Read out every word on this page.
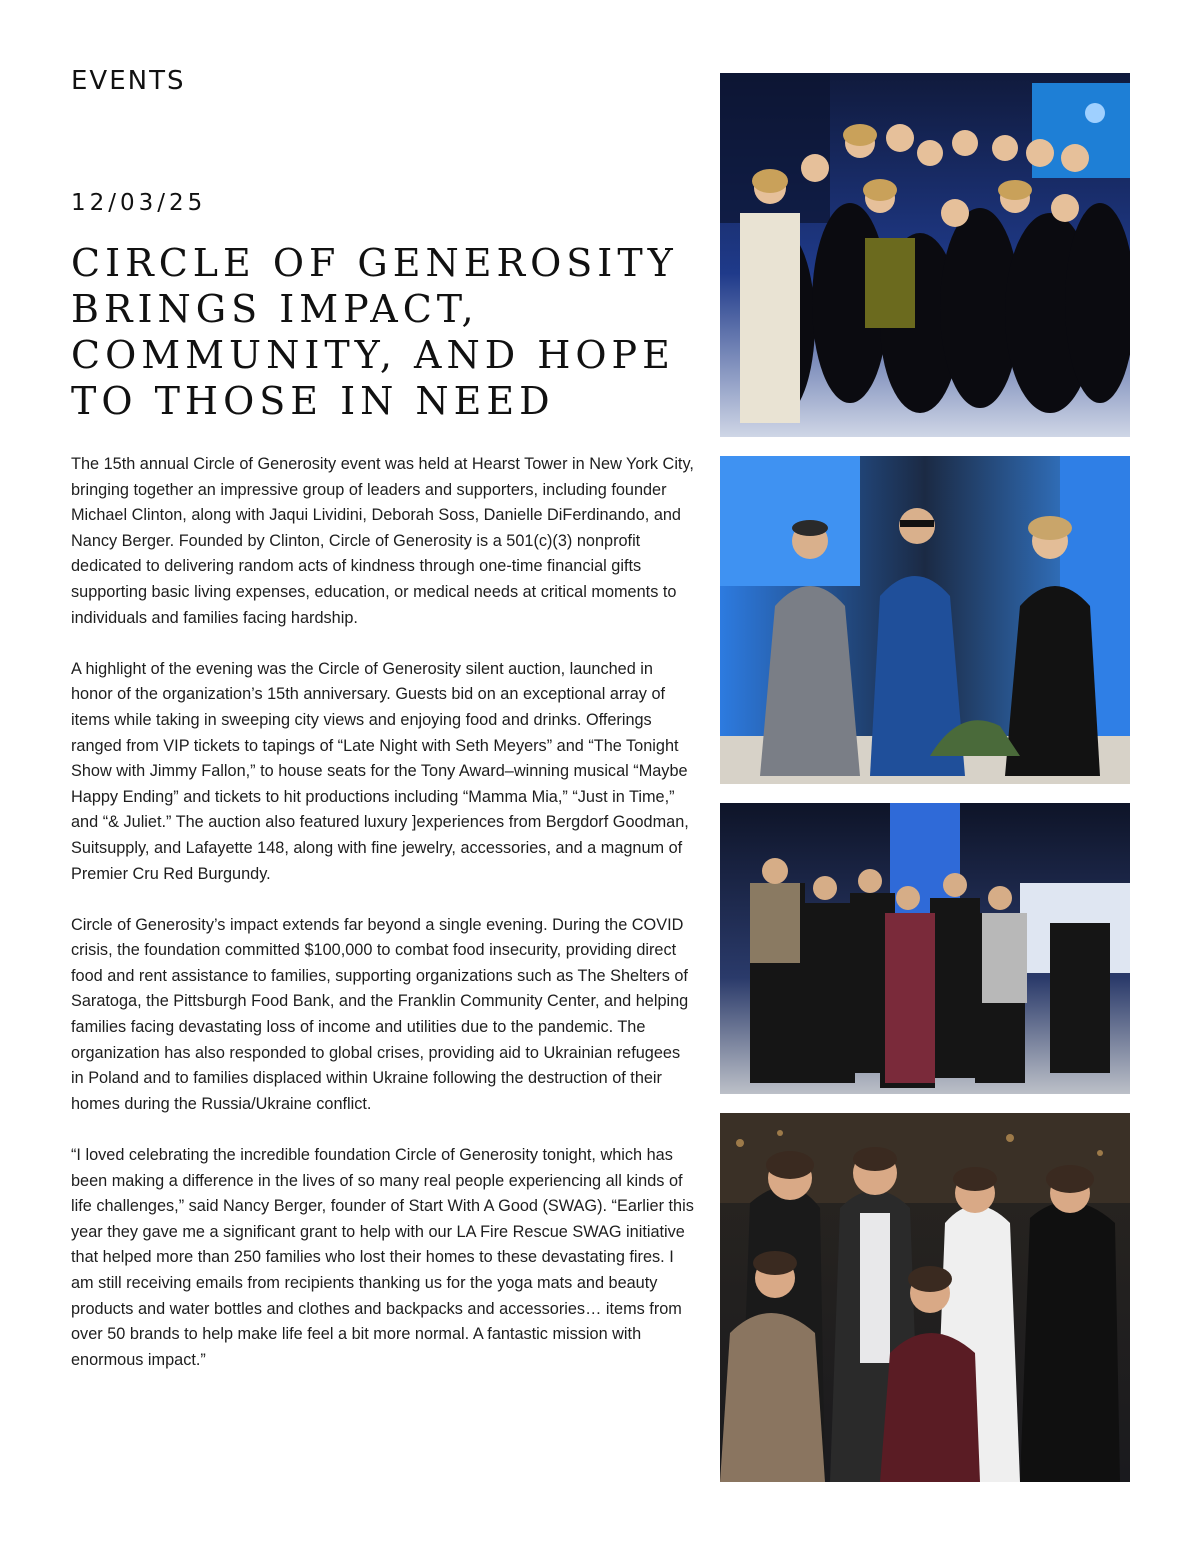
EVENTS
12/03/25
CIRCLE OF GENEROSITY BRINGS IMPACT, COMMUNITY, AND HOPE TO THOSE IN NEED

The 15th annual Circle of Generosity event was held at Hearst Tower in New York City, bringing together an impressive group of leaders and supporters, including founder Michael Clinton, along with Jaqui Lividini, Deborah Soss, Danielle DiFerdinando, and Nancy Berger. Founded by Clinton, Circle of Generosity is a 501(c)(3) nonprofit dedicated to delivering random acts of kindness through one-time financial gifts supporting basic living expenses, education, or medical needs at critical moments to individuals and families facing hardship.

A highlight of the evening was the Circle of Generosity silent auction, launched in honor of the organization’s 15th anniversary. Guests bid on an exceptional array of items while taking in sweeping city views and enjoying food and drinks. Offerings ranged from VIP tickets to tapings of “Late Night with Seth Meyers” and “The Tonight Show with Jimmy Fallon,” to house seats for the Tony Award–winning musical “Maybe Happy Ending” and tickets to hit productions including “Mamma Mia,” “Just in Time,” and “& Juliet.” The auction also featured luxury ]experiences from Bergdorf Goodman, Suitsupply, and Lafayette 148, along with fine jewelry, accessories, and a magnum of Premier Cru Red Burgundy.

Circle of Generosity’s impact extends far beyond a single evening. During the COVID crisis, the foundation committed $100,000 to combat food insecurity, providing direct food and rent assistance to families, supporting organizations such as The Shelters of Saratoga, the Pittsburgh Food Bank, and the Franklin Community Center, and helping families facing devastating loss of income and utilities due to the pandemic. The organization has also responded to global crises, providing aid to Ukrainian refugees in Poland and to families displaced within Ukraine following the destruction of their homes during the Russia/Ukraine conflict.

“I loved celebrating the incredible foundation Circle of Generosity tonight, which has been making a difference in the lives of so many real people experiencing all kinds of life challenges,” said Nancy Berger, founder of Start With A Good (SWAG). “Earlier this year they gave me a significant grant to help with our LA Fire Rescue SWAG initiative that helped more than 250 families who lost their homes to these devastating fires. I am still receiving emails from recipients thanking us for the yoga mats and beauty products and water bottles and clothes and backpacks and accessories… items from over 50 brands to help make life feel a bit more normal. A fantastic mission with enormous impact.”
